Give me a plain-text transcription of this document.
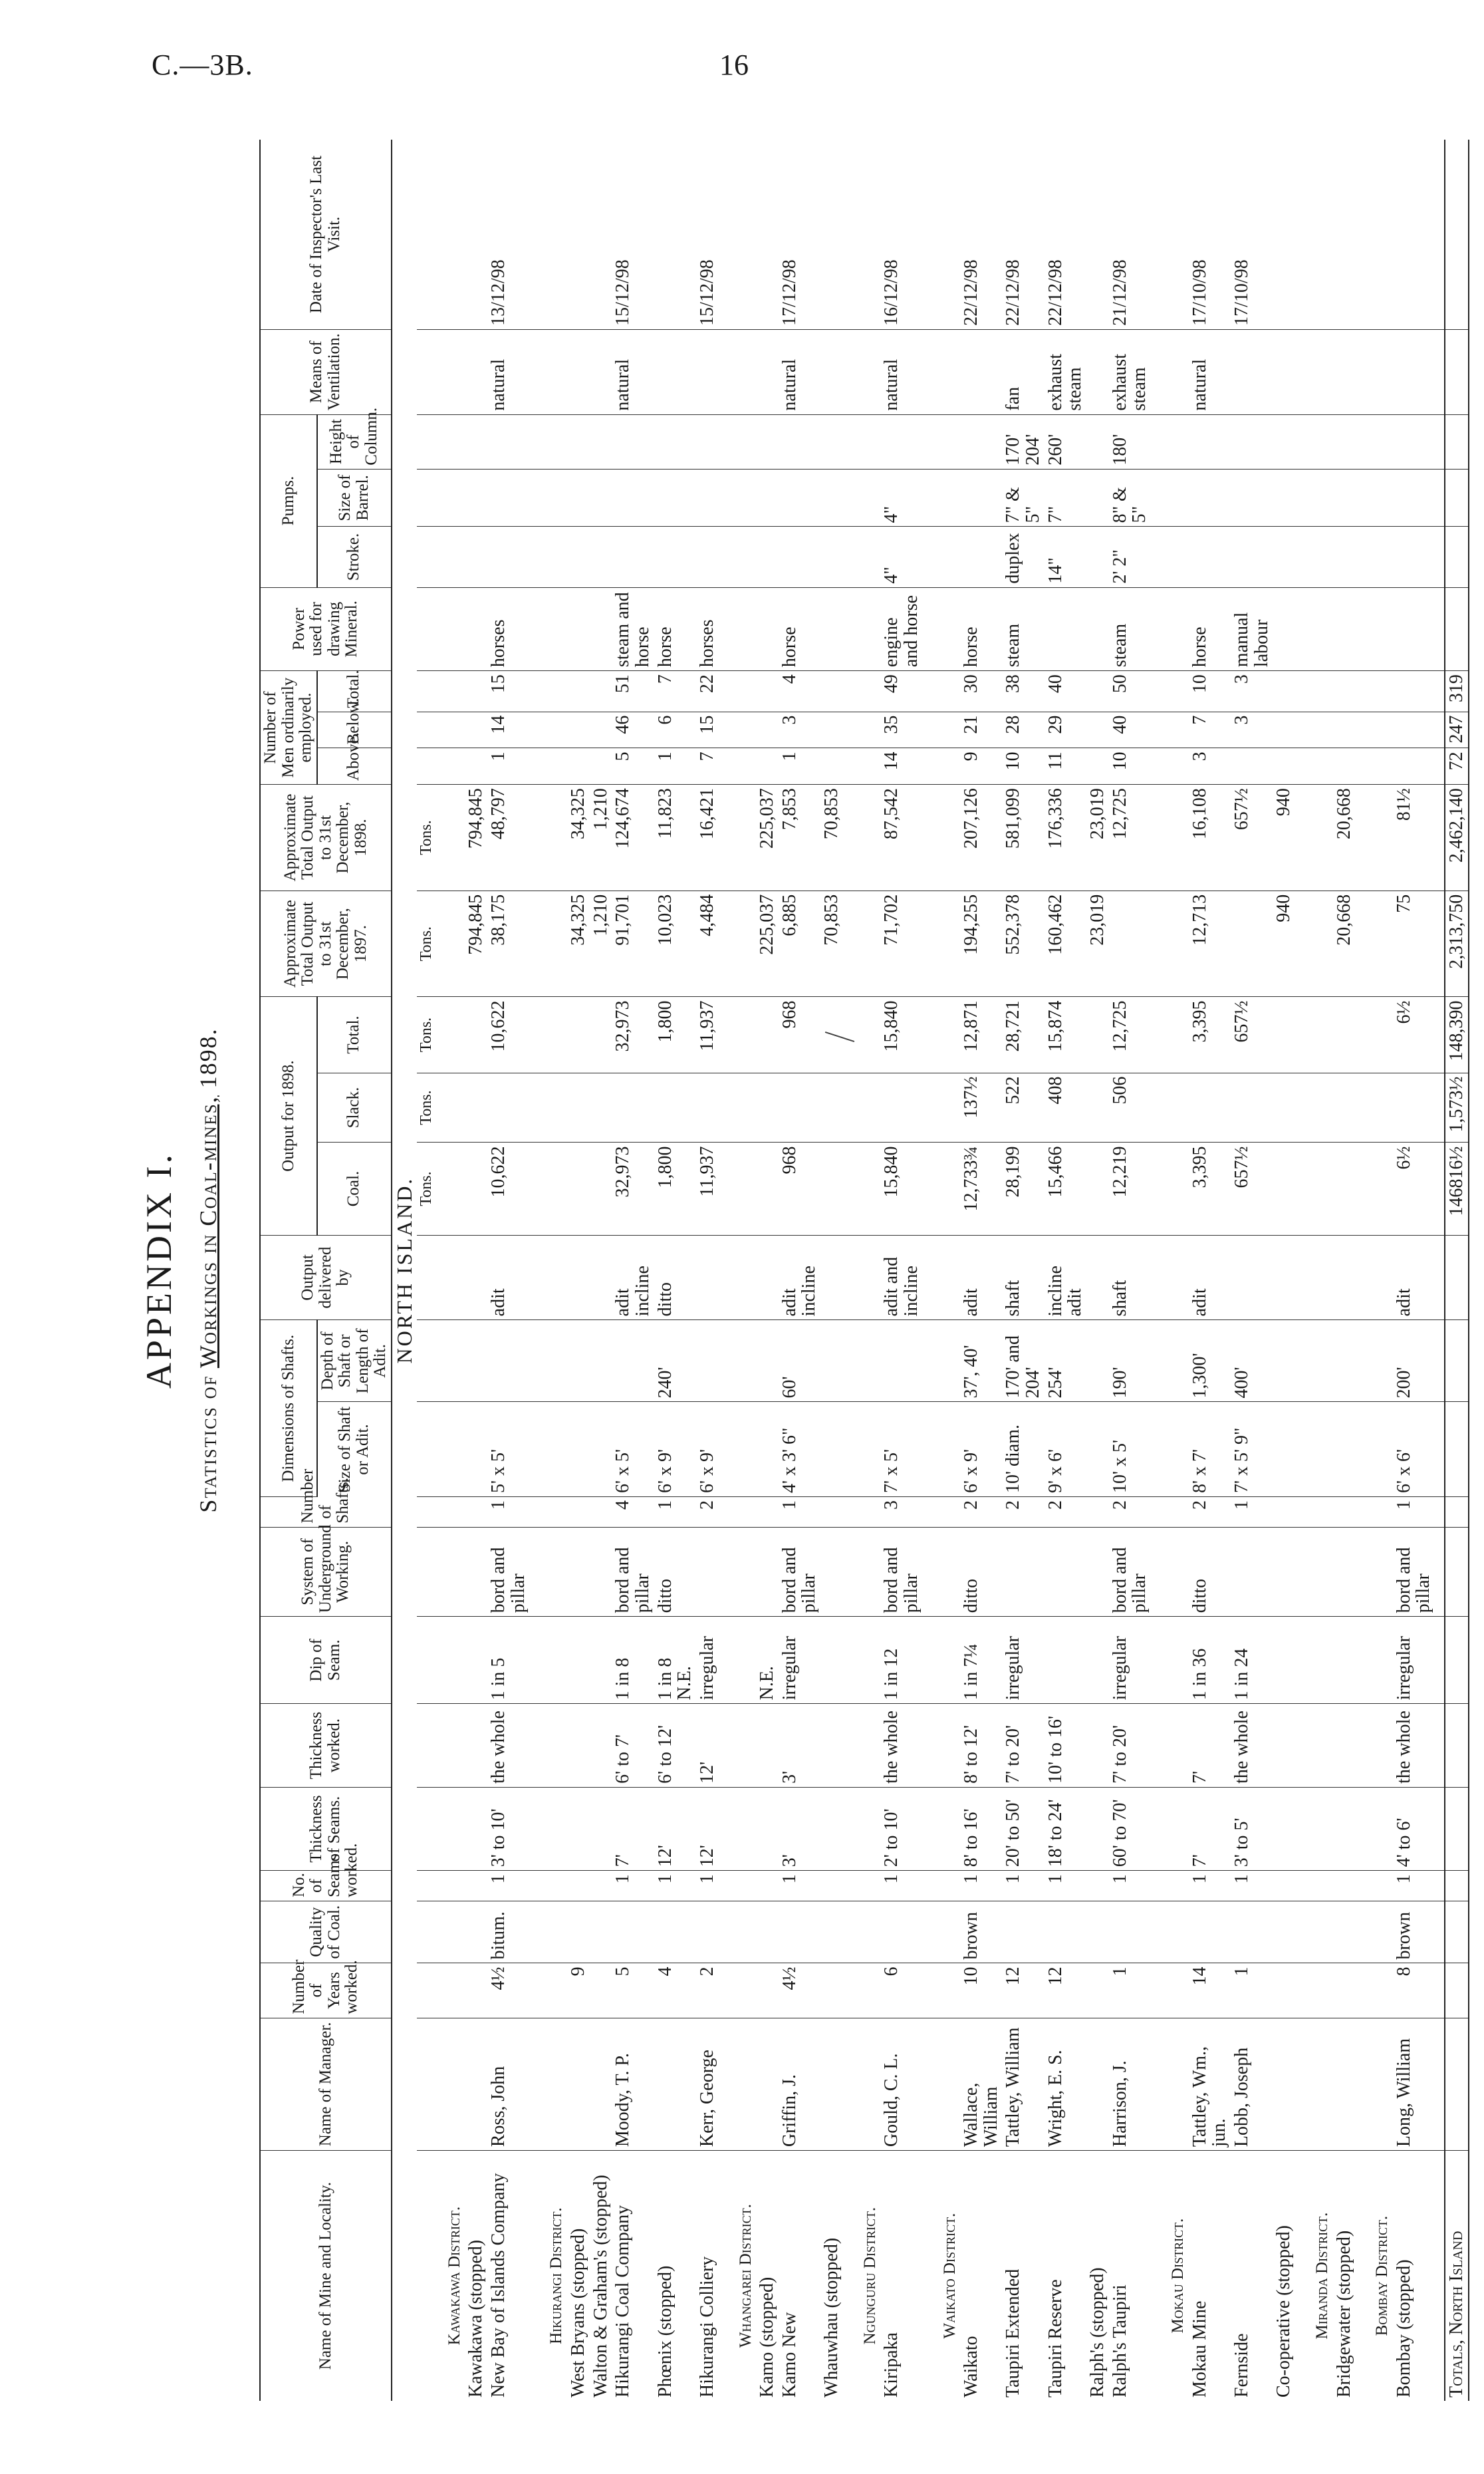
C.—3B.	16
APPENDIX I.
Statistics of Workings in Coal-mines, 1898.
Name of Mine and Locality.	Name of Manager.	Number of Years worked.	Quality of Coal.	No. of Seams worked.	Thickness of Seams.	Thickness worked.	Dip of Seam.	System of Underground Working.	Number of Shafts.	Dimensions of Shafts.		Output delivered by	Output for 1898.			Approximate Total Output to 31st December, 1897.	Approximate Total Output to 31st December, 1898.	Number of Men ordinarily employed.			Power used for drawing Mineral.	Pumps.			Means of Ventilation.	Date of Inspector's Last Visit.
										Size of Shaft or Adit.	Depth of Shaft or Length of Adit.		Coal.	Slack.	Total.			Above.	Below.	Total.		Stroke.	Size of Barrel.	Height of Column.		
NORTH ISLAND.																										
													Tons.	Tons.	Tons.	Tons.	Tons.									
Kawakawa District.																										
Kawakawa (stopped)																794,845	794,845									
New Bay of Islands Company	Ross, John	4½	bitum.	1	3' to 10'	the whole	1 in 5	bord and pillar	1	5' x 5'		adit	10,622		10,622	38,175	48,797	1	14	15	horses				natural	13/12/98

Hikurangi District.																										
West Bryans (stopped)		9														34,325	34,325									
Walton & Graham's (stopped)																1,210	1,210									
Hikurangi Coal Company	Moody, T. P.	5		1	7'	6' to 7'	1 in 8	bord and pillar	4	6' x 5'		adit incline	32,973		32,973	91,701	124,674	5	46	51	steam and horse				natural	15/12/98
Phœnix (stopped)		4		1	12'	6' to 12'	1 in 8 N.E.	ditto	1	6' x 9'	240'	ditto	1,800		1,800	10,023	11,823	1	6	7	horse					
Hikurangi Colliery	Kerr, George	2		1	12'	12'	irregular		2	6' x 9'			11,937		11,937	4,484	16,421	7	15	22	horses					15/12/98

Whangarei District.																										
Kamo (stopped)							N.E.									225,037	225,037									
Kamo New	Griffin, J.	4½		1	3'	3'	irregular	bord and pillar	1	4' x 3' 6"	60'	adit incline	968		968	6,885	7,853	1	3	4	horse				natural	17/12/98
Whauwhau (stopped)																70,853	70,853									

Ngunguru District.																										
Kiripaka	Gould, C. L.	6		1	2' to 10'	the whole	1 in 12	bord and pillar	3	7' x 5'		adit and incline	15,840		15,840	71,702	87,542	14	35	49	engine and horse	4"	4"		natural	16/12/98

Waikato District.																										
Waikato	Wallace, William	10	brown	1	8' to 16'	8' to 12'	1 in 7¼	ditto	2	6' x 9'	37', 40'	adit	12,733¾	137½	12,871	194,255	207,126	9	21	30	horse					22/12/98
Taupiri Extended	Tattley, William	12		1	20' to 50'	7' to 20'	irregular		2	10' diam.	170' and 204'	shaft	28,199	522	28,721	552,378	581,099	10	28	38	steam	duplex	7" & 5"	170' 204'	fan	22/12/98
Taupiri Reserve	Wright, E. S.	12		1	18' to 24'	10' to 16'			2	9' x 6'	254'	incline adit	15,466	408	15,874	160,462	176,336	11	29	40		14"	7"	260'	exhaust steam	22/12/98
Ralph's (stopped)																23,019	23,019									
Ralph's Taupiri	Harrison, J.	1		1	60' to 70'	7' to 20'	irregular	bord and pillar	2	10' x 5'	190'	shaft	12,219	506	12,725		12,725	10	40	50	steam	2' 2"	8" & 5"	180'	exhaust steam	21/12/98

Mokau District.																										
Mokau Mine	Tattley, Wm., jun.	14		1	7'	7'	1 in 36	ditto	2	8' x 7'	1,300'	adit	3,395		3,395	12,713	16,108	3	7	10	horse				natural	17/10/98
Fernside	Lobb, Joseph	1		1	3' to 5'	the whole	1 in 24		1	7' x 5' 9"	400'		657½		657½		657½		3	3	manual labour					17/10/98
Co-operative (stopped)																940	940									

Miranda District.																										
Bridgewater (stopped)																20,668	20,668									

Bombay District.																										
Bombay (stopped)	Long, William	8	brown	1	4' to 6'	the whole	irregular	bord and pillar	1	6' x 6'	200'	adit	6½		6½	75	81½									

Totals, North Island													146816½	1,573½	148,390	2,313,750	2,462,140	72	247	319						
